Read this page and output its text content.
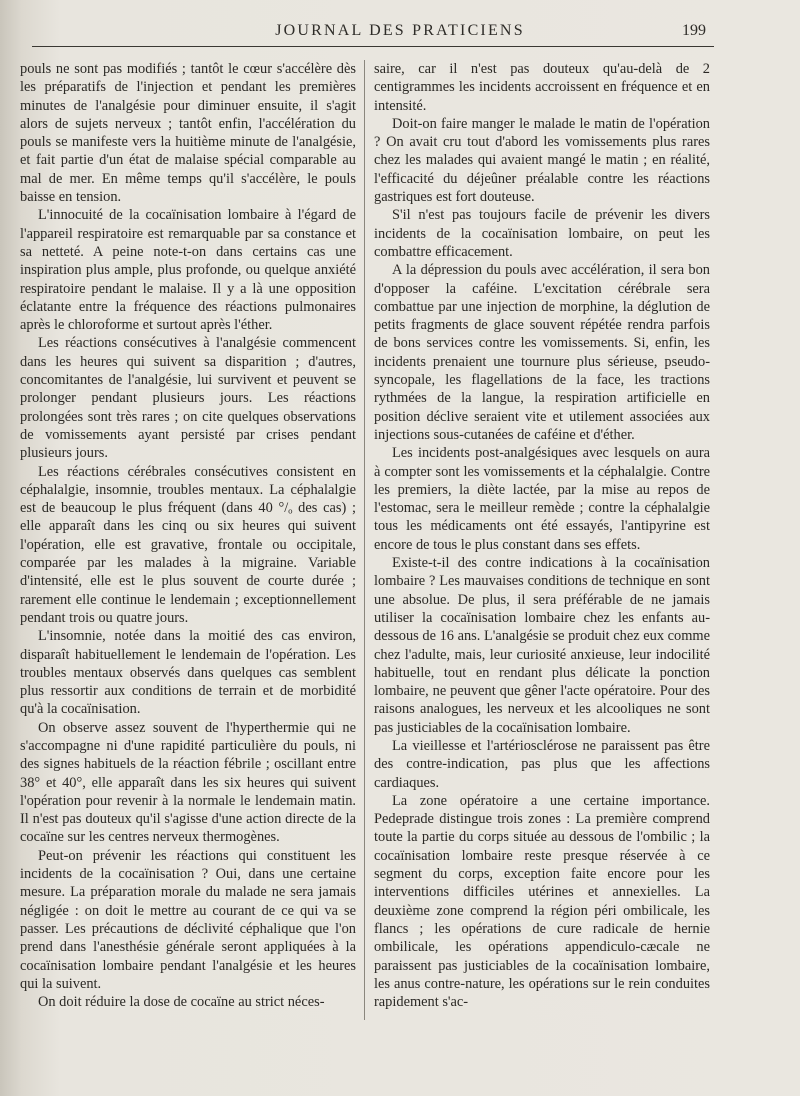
JOURNAL DES PRATICIENS	199

pouls ne sont pas modifiés ; tantôt le cœur s'accélère dès les préparatifs de l'injection et pendant les premières minutes de l'analgésie pour diminuer ensuite, il s'agit alors de sujets nerveux ; tantôt enfin, l'accélération du pouls se manifeste vers la huitième minute de l'analgésie, et fait partie d'un état de malaise spécial comparable au mal de mer. En même temps qu'il s'accélère, le pouls baisse en tension.

L'innocuité de la cocaïnisation lombaire à l'égard de l'appareil respiratoire est remarquable par sa constance et sa netteté. A peine note-t-on dans certains cas une inspiration plus ample, plus profonde, ou quelque anxiété respiratoire pendant le malaise. Il y a là une opposition éclatante entre la fréquence des réactions pulmonaires après le chloroforme et surtout après l'éther.

Les réactions consécutives à l'analgésie commencent dans les heures qui suivent sa disparition ; d'autres, concomitantes de l'analgésie, lui survivent et peuvent se prolonger pendant plusieurs jours. Les réactions prolongées sont très rares ; on cite quelques observations de vomissements ayant persisté par crises pendant plusieurs jours.

Les réactions cérébrales consécutives consistent en céphalalgie, insomnie, troubles mentaux. La céphalalgie est de beaucoup le plus fréquent (dans 40 °/ₒ des cas) ; elle apparaît dans les cinq ou six heures qui suivent l'opération, elle est gravative, frontale ou occipitale, comparée par les malades à la migraine. Variable d'intensité, elle est le plus souvent de courte durée ; rarement elle continue le lendemain ; exceptionnellement pendant trois ou quatre jours.

L'insomnie, notée dans la moitié des cas environ, disparaît habituellement le lendemain de l'opération. Les troubles mentaux observés dans quelques cas semblent plus ressortir aux conditions de terrain et de morbidité qu'à la cocaïnisation.

On observe assez souvent de l'hyperthermie qui ne s'accompagne ni d'une rapidité particulière du pouls, ni des signes habituels de la réaction fébrile ; oscillant entre 38° et 40°, elle apparaît dans les six heures qui suivent l'opération pour revenir à la normale le lendemain matin. Il n'est pas douteux qu'il s'agisse d'une action directe de la cocaïne sur les centres nerveux thermogènes.

Peut-on prévenir les réactions qui constituent les incidents de la cocaïnisation ? Oui, dans une certaine mesure. La préparation morale du malade ne sera jamais négligée : on doit le mettre au courant de ce qui va se passer. Les précautions de déclivité céphalique que l'on prend dans l'anesthésie générale seront appliquées à la cocaïnisation lombaire pendant l'analgésie et les heures qui la suivent.

On doit réduire la dose de cocaïne au strict néces-

saire, car il n'est pas douteux qu'au-delà de 2 centigrammes les incidents accroissent en fréquence et en intensité.

Doit-on faire manger le malade le matin de l'opération ? On avait cru tout d'abord les vomissements plus rares chez les malades qui avaient mangé le matin ; en réalité, l'efficacité du déjeûner préalable contre les réactions gastriques est fort douteuse.

S'il n'est pas toujours facile de prévenir les divers incidents de la cocaïnisation lombaire, on peut les combattre efficacement.

A la dépression du pouls avec accélération, il sera bon d'opposer la caféine. L'excitation cérébrale sera combattue par une injection de morphine, la déglution de petits fragments de glace souvent répétée rendra parfois de bons services contre les vomissements. Si, enfin, les incidents prenaient une tournure plus sérieuse, pseudo-syncopale, les flagellations de la face, les tractions rythmées de la langue, la respiration artificielle en position déclive seraient vite et utilement associées aux injections sous-cutanées de caféine et d'éther.

Les incidents post-analgésiques avec lesquels on aura à compter sont les vomissements et la céphalalgie. Contre les premiers, la diète lactée, par la mise au repos de l'estomac, sera le meilleur remède ; contre la céphalalgie tous les médicaments ont été essayés, l'antipyrine est encore de tous le plus constant dans ses effets.

Existe-t-il des contre indications à la cocaïnisation lombaire ? Les mauvaises conditions de technique en sont une absolue. De plus, il sera préférable de ne jamais utiliser la cocaïnisation lombaire chez les enfants au-dessous de 16 ans. L'analgésie se produit chez eux comme chez l'adulte, mais, leur curiosité anxieuse, leur indocilité habituelle, tout en rendant plus délicate la ponction lombaire, ne peuvent que gêner l'acte opératoire. Pour des raisons analogues, les nerveux et les alcooliques ne sont pas justiciables de la cocaïnisation lombaire.

La vieillesse et l'artériosclérose ne paraissent pas être des contre-indication, pas plus que les affections cardiaques.

La zone opératoire a une certaine importance. Pedeprade distingue trois zones : La première comprend toute la partie du corps située au dessous de l'ombilic ; la cocaïnisation lombaire reste presque réservée à ce segment du corps, exception faite encore pour les interventions difficiles utérines et annexielles. La deuxième zone comprend la région péri ombilicale, les flancs ; les opérations de cure radicale de hernie ombilicale, les opérations appendiculo-cæcale ne paraissent pas justiciables de la cocaïnisation lombaire, les anus contre-nature, les opérations sur le rein conduites rapidement s'ac-
